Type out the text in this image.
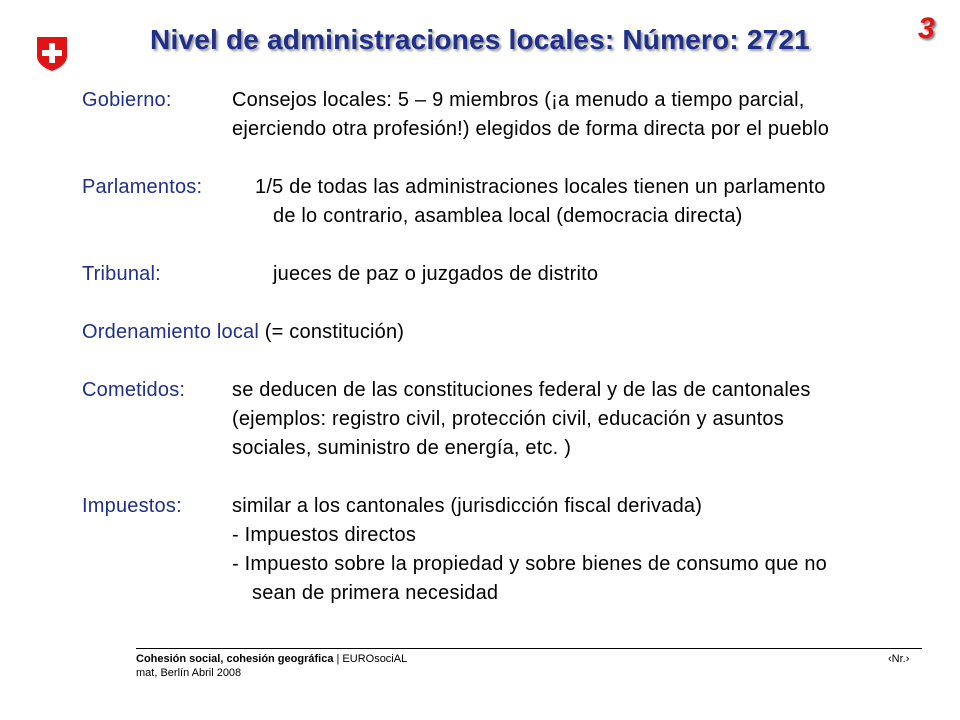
Nivel de administraciones locales: Número: 2721	3
Gobierno:	Consejos locales: 5 – 9 miembros (¡a menudo a tiempo parcial,
ejerciendo otra profesión!) elegidos de forma directa por el pueblo
Parlamentos:	1/5 de todas las administraciones locales tienen un parlamento
de lo contrario, asamblea local (democracia directa)
Tribunal:	jueces de paz o juzgados de distrito
Ordenamiento local (= constitución)
Cometidos: se deducen de las constituciones federal y de las de cantonales
(ejemplos: registro civil, protección civil, educación y asuntos
sociales, suministro de energía, etc. )
Impuestos:	similar a los cantonales (jurisdicción fiscal derivada)
- Impuestos directos
- Impuesto sobre la propiedad y sobre bienes de consumo que no
sean de primera necesidad
Cohesión social, cohesión geográfica | EUROsociAL
mat, Berlín Abril 2008
‹Nr.›
